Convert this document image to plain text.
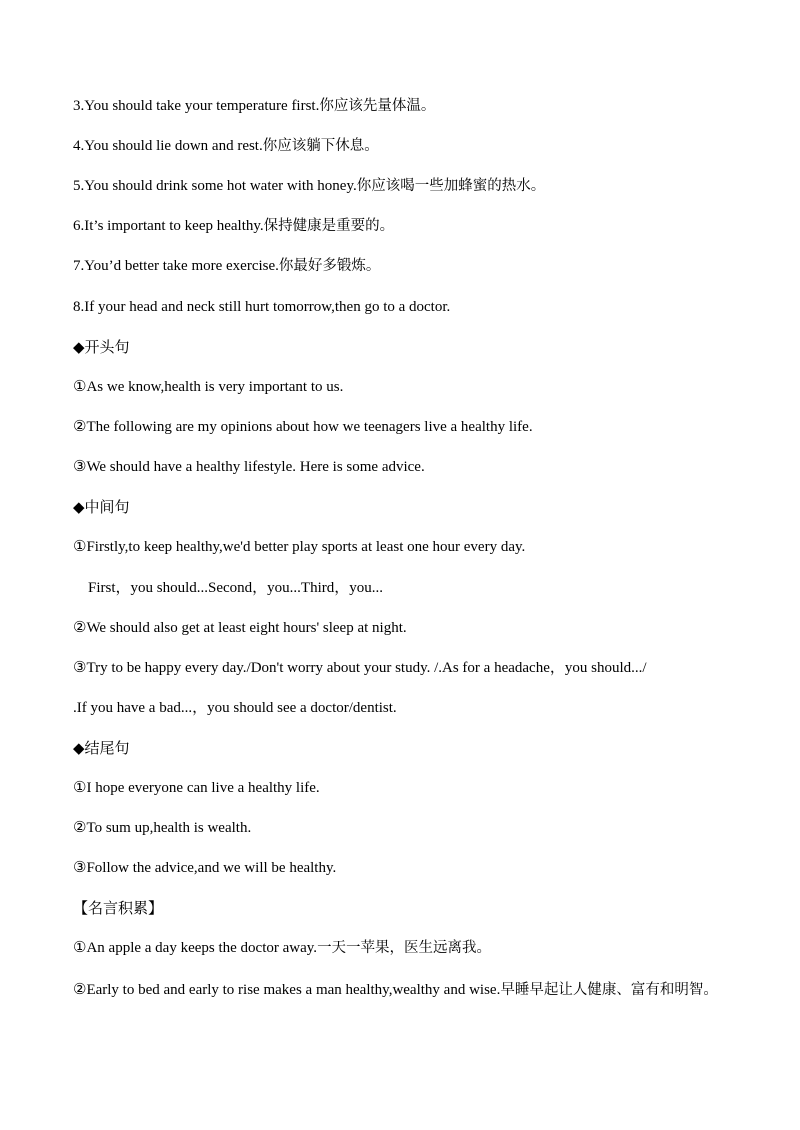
3.You should take your temperature first.你应该先量体温。
4.You should lie down and rest.你应该躺下休息。
5.You should drink some hot water with honey.你应该喝一些加蜂蜜的热水。
6.It’s important to keep healthy.保持健康是重要的。
7.You’d better take more exercise.你最好多锻炼。
8.If your head and neck still hurt tomorrow,then go to a doctor.
◆开头句
①As we know,health is very important to us.
②The following are my opinions about how we teenagers live a healthy life.
③We should have a healthy lifestyle. Here is some advice.
◆中间句
①Firstly,to keep healthy,we'd better play sports at least one hour every day.
First，you should...Second，you...Third，you...
②We should also get at least eight hours' sleep at night.
③Try to be happy every day./Don't worry about your study. /.As for a headache，you should.../
.If you have a bad...，you should see a doctor/dentist.
◆结尾句
①I hope everyone can live a healthy life.
②To sum up,health is wealth.
③Follow the advice,and we will be healthy.
【名言积累】
①An apple a day keeps the doctor away.一天一苹果，医生远离我。
②Early to bed and early to rise makes a man healthy,wealthy and wise.早睡早起让人健康、富有和明智。
